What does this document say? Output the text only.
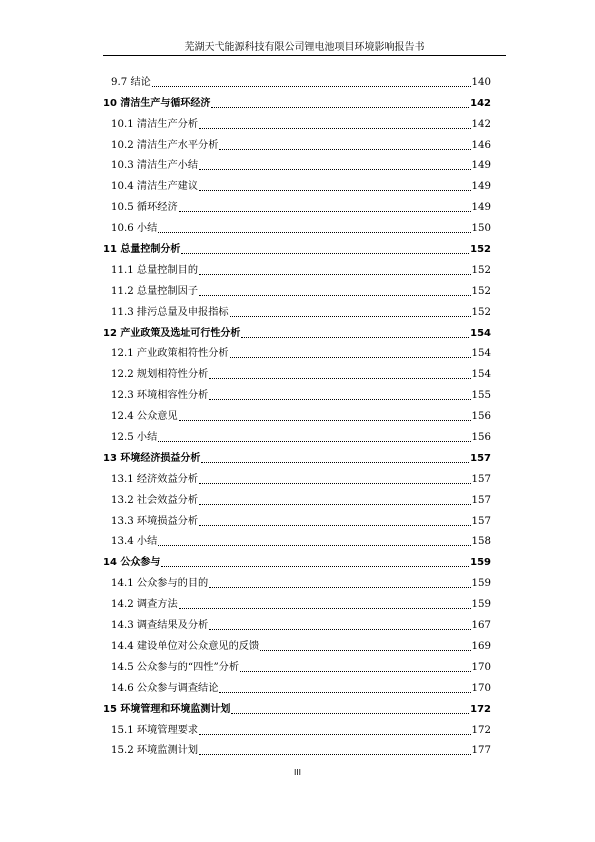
芜湖天弋能源科技有限公司锂电池项目环境影响报告书
9.7 结论	140
10 清洁生产与循环经济	142
10.1 清洁生产分析	142
10.2 清洁生产水平分析	146
10.3 清洁生产小结	149
10.4 清洁生产建议	149
10.5 循环经济	149
10.6 小结	150
11 总量控制分析	152
11.1 总量控制目的	152
11.2 总量控制因子	152
11.3 排污总量及申报指标	152
12 产业政策及选址可行性分析	154
12.1 产业政策相符性分析	154
12.2 规划相符性分析	154
12.3 环境相容性分析	155
12.4 公众意见	156
12.5 小结	156
13 环境经济损益分析	157
13.1 经济效益分析	157
13.2 社会效益分析	157
13.3 环境损益分析	157
13.4 小结	158
14 公众参与	159
14.1 公众参与的目的	159
14.2 调查方法	159
14.3 调查结果及分析	167
14.4 建设单位对公众意见的反馈	169
14.5 公众参与的“四性”分析	170
14.6 公众参与调查结论	170
15 环境管理和环境监测计划	172
15.1 环境管理要求	172
15.2 环境监测计划	177
III
